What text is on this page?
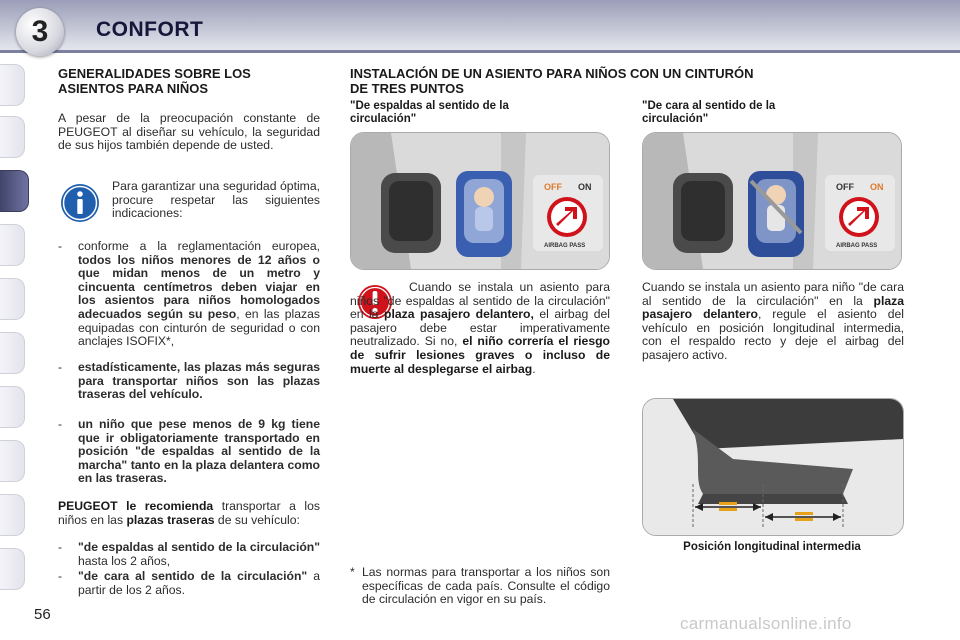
3	CONFORT
GENERALIDADES SOBRE LOS
ASIENTOS PARA NIÑOS
A pesar de la preocupación constante de PEUGEOT al diseñar su vehículo, la seguridad de sus hijos también depende de usted.
Para garantizar una seguridad óptima, procure respetar las siguientes indicaciones:
- conforme a la reglamentación europea, todos los niños menores de 12 años o que midan menos de un metro y cincuenta centímetros deben viajar en los asientos para niños homologados adecuados según su peso, en las plazas equipadas con cinturón de seguridad o con anclajes ISOFIX*,
- estadísticamente, las plazas más seguras para transportar niños son las plazas traseras del vehículo.
- un niño que pese menos de 9 kg tiene que ir obligatoriamente transportado en posición "de espaldas al sentido de la marcha" tanto en la plaza delantera como en las traseras.
PEUGEOT le recomienda transportar a los niños en las plazas traseras de su vehículo:
- "de espaldas al sentido de la circulación" hasta los 2 años,
- "de cara al sentido de la circulación" a partir de los 2 años.
INSTALACIÓN DE UN ASIENTO PARA NIÑOS CON UN CINTURÓN
DE TRES PUNTOS
"De espaldas al sentido de la
circulación"
"De cara al sentido de la
circulación"
OFF ON
AIRBAG PASS
OFF ON
AIRBAG PASS
Cuando se instala un asiento para niños "de espaldas al sentido de la circulación" en la plaza pasajero delantero, el airbag del pasajero debe estar imperativamente neutralizado. Si no, el niño correría el riesgo de sufrir lesiones graves o incluso de muerte al desplegarse el airbag.
Cuando se instala un asiento para niño "de cara al sentido de la circulación" en la plaza pasajero delantero, regule el asiento del vehículo en posición longitudinal intermedia, con el respaldo recto y deje el airbag del pasajero activo.
Posición longitudinal intermedia
* Las normas para transportar a los niños son específicas de cada país. Consulte el código de circulación en vigor en su país.
56	carmanualsonline.info
